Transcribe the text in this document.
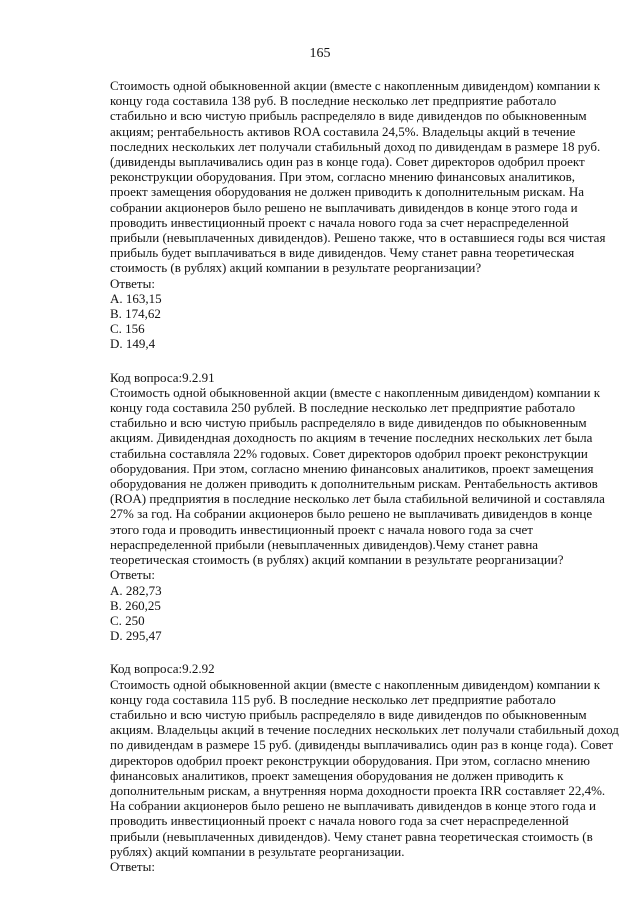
165
Стоимость одной обыкновенной акции (вместе с накопленным дивидендом) компании к
концу года составила 138 руб. В последние несколько лет предприятие работало
стабильно и всю чистую прибыль распределяло в виде дивидендов по обыкновенным
акциям; рентабельность активов ROA составила 24,5%. Владельцы акций в течение
последних нескольких лет получали стабильный доход по дивидендам в размере 18 руб.
(дивиденды выплачивались один раз в конце года). Совет директоров одобрил проект
реконструкции оборудования. При этом, согласно мнению финансовых аналитиков,
проект замещения оборудования не должен приводить к дополнительным рискам. На
собрании акционеров было решено не выплачивать дивидендов в конце этого года и
проводить инвестиционный проект с начала нового года за счет нераспределенной
прибыли (невыплаченных дивидендов). Решено также, что в оставшиеся годы вся чистая
прибыль будет выплачиваться в виде дивидендов. Чему станет равна теоретическая
стоимость (в рублях) акций компании в результате реорганизации?
Ответы:
A. 163,15
B. 174,62
C. 156
D. 149,4
Код вопроса:9.2.91
Стоимость одной обыкновенной акции (вместе с накопленным дивидендом) компании к
концу года составила 250 рублей. В последние несколько лет предприятие работало
стабильно и всю чистую прибыль распределяло в виде дивидендов по обыкновенным
акциям. Дивидендная доходность по акциям в течение последних нескольких лет была
стабильна составляла 22% годовых. Совет директоров одобрил проект реконструкции
оборудования. При этом, согласно мнению финансовых аналитиков, проект замещения
оборудования не должен приводить к дополнительным рискам. Рентабельность активов
(ROA) предприятия в последние несколько лет была стабильной величиной и составляла
27% за год. На собрании акционеров было решено не выплачивать дивидендов в конце
этого года и проводить инвестиционный проект с начала нового года за счет
нераспределенной прибыли (невыплаченных дивидендов).Чему станет равна
теоретическая стоимость (в рублях) акций компании в результате реорганизации?
Ответы:
A. 282,73
B. 260,25
C. 250
D. 295,47
Код вопроса:9.2.92
Стоимость одной обыкновенной акции (вместе с накопленным дивидендом) компании к
концу года составила 115 руб. В последние несколько лет предприятие работало
стабильно и всю чистую прибыль распределяло в виде дивидендов по обыкновенным
акциям. Владельцы акций в течение последних нескольких лет получали стабильный доход
по дивидендам в размере 15 руб. (дивиденды выплачивались один раз в конце года). Совет
директоров одобрил проект реконструкции оборудования. При этом, согласно мнению
финансовых аналитиков, проект замещения оборудования не должен приводить к
дополнительным рискам, а внутренняя норма доходности проекта IRR составляет 22,4%.
На собрании акционеров было решено не выплачивать дивидендов в конце этого года и
проводить инвестиционный проект с начала нового года за счет нераспределенной
прибыли (невыплаченных дивидендов). Чему станет равна теоретическая стоимость (в
рублях) акций компании в результате реорганизации.
Ответы:
